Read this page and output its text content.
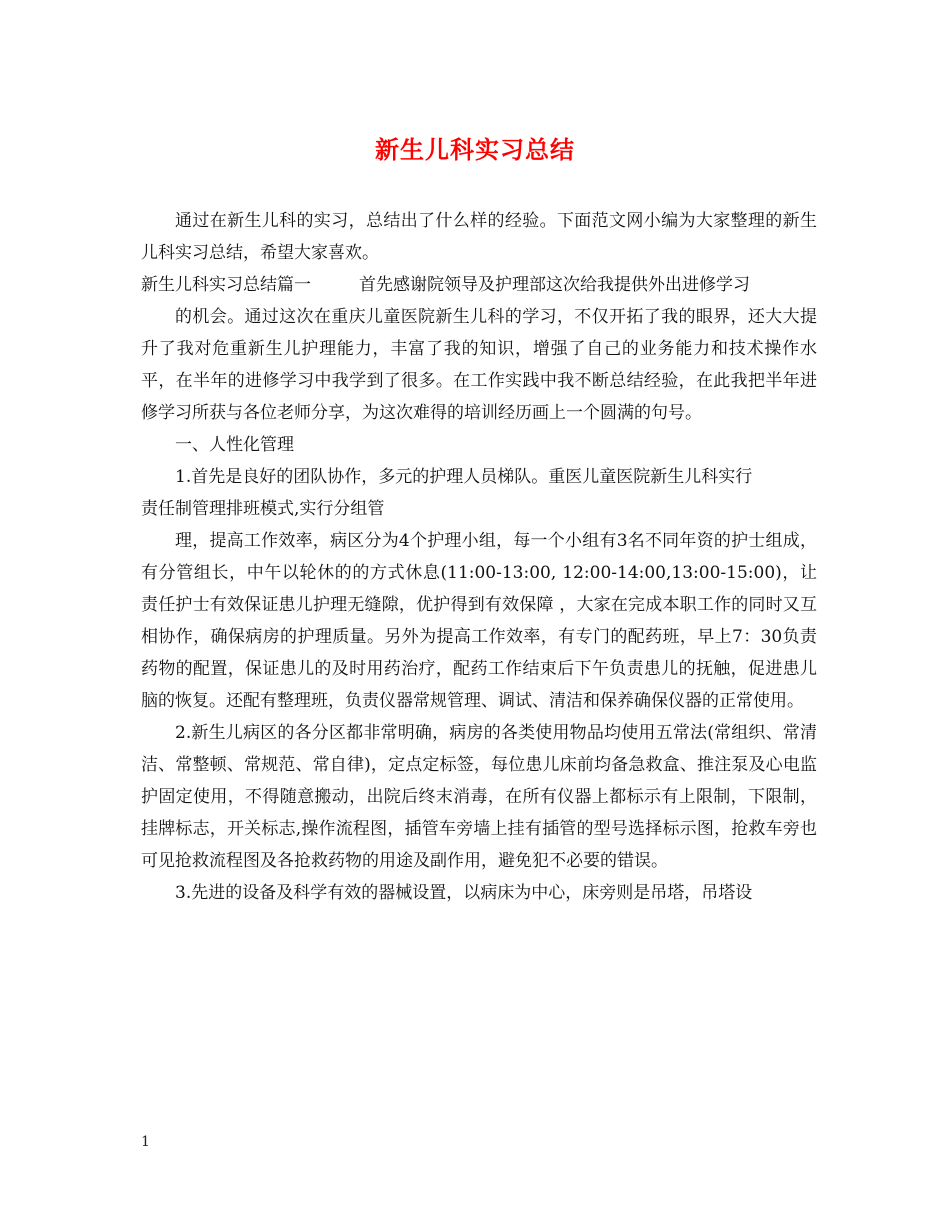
新生儿科实习总结

通过在新生儿科的实习，总结出了什么样的经验。下面范文网小编为大家整理的新生儿科实习总结，希望大家喜欢。

新生儿科实习总结篇一	首先感谢院领导及护理部这次给我提供外出进修学习

的机会。通过这次在重庆儿童医院新生儿科的学习，不仅开拓了我的眼界，还大大提升了我对危重新生儿护理能力，丰富了我的知识，增强了自己的业务能力和技术操作水平，在半年的进修学习中我学到了很多。在工作实践中我不断总结经验，在此我把半年进修学习所获与各位老师分享，为这次难得的培训经历画上一个圆满的句号。

一、人性化管理

1.首先是良好的团队协作，多元的护理人员梯队。重医儿童医院新生儿科实行

责任制管理排班模式,实行分组管

理，提高工作效率，病区分为4个护理小组，每一个小组有3名不同年资的护士组成，有分管组长，中午以轮休的的方式休息(11:00-13:00, 12:00-14:00,13:00-15:00)，让责任护士有效保证患儿护理无缝隙，优护得到有效保障 ，大家在完成本职工作的同时又互相协作，确保病房的护理质量。另外为提高工作效率，有专门的配药班，早上7：30负责药物的配置，保证患儿的及时用药治疗，配药工作结束后下午负责患儿的抚触，促进患儿脑的恢复。还配有整理班，负责仪器常规管理、调试、清洁和保养确保仪器的正常使用。

2.新生儿病区的各分区都非常明确，病房的各类使用物品均使用五常法(常组织、常清洁、常整顿、常规范、常自律)，定点定标签，每位患儿床前均备急救盒、推注泵及心电监护固定使用，不得随意搬动，出院后终末消毒，在所有仪器上都标示有上限制，下限制，挂牌标志，开关标志,操作流程图，插管车旁墙上挂有插管的型号选择标示图，抢救车旁也可见抢救流程图及各抢救药物的用途及副作用，避免犯不必要的错误。

3.先进的设备及科学有效的器械设置，以病床为中心，床旁则是吊塔，吊塔设

1
